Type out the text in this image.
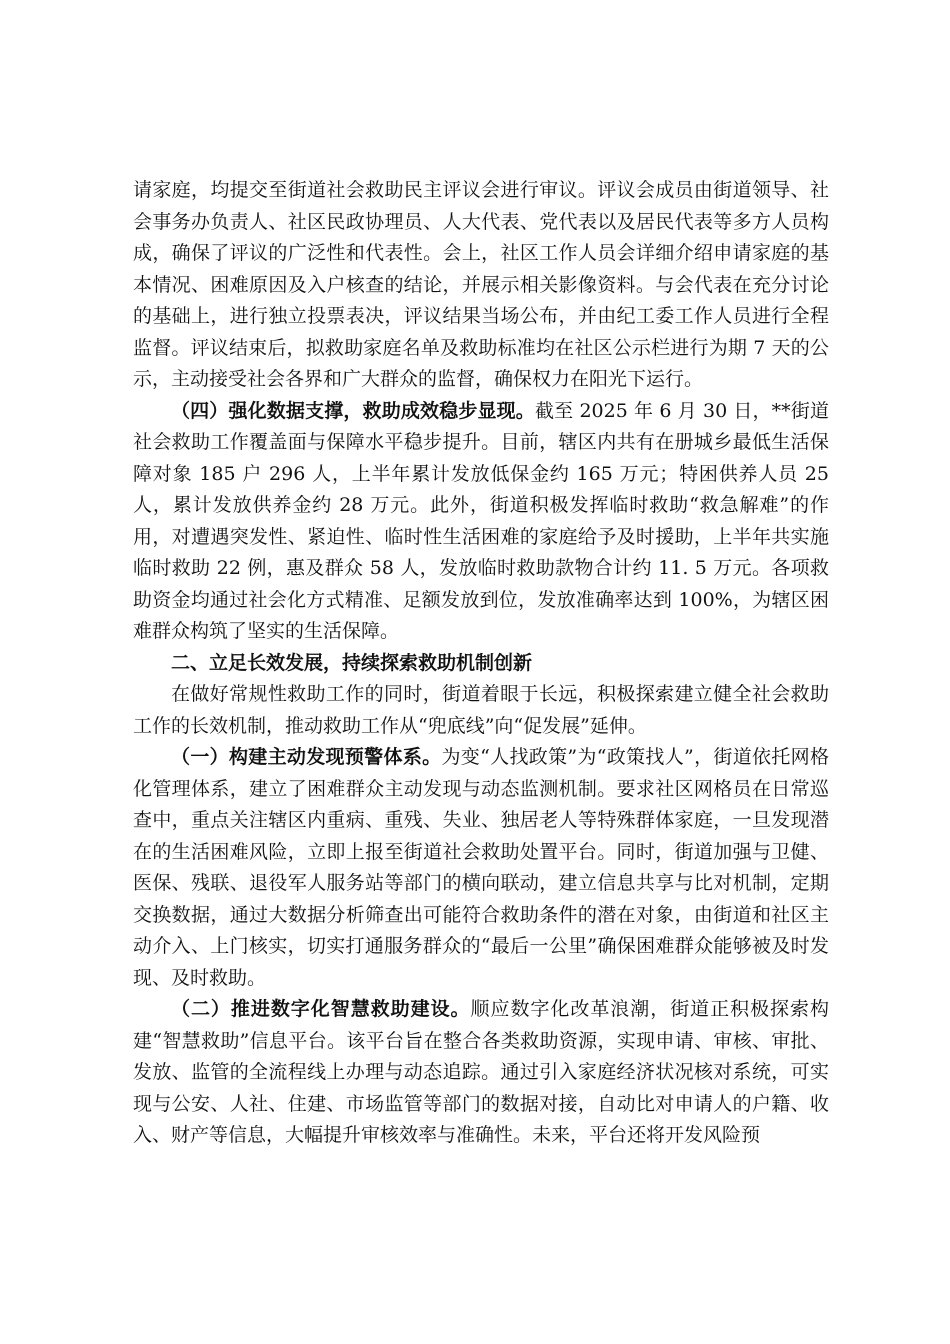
请家庭，均提交至街道社会救助民主评议会进行审议。评议会成员由街道领导、社会事务办负责人、社区民政协理员、人大代表、党代表以及居民代表等多方人员构成，确保了评议的广泛性和代表性。会上，社区工作人员会详细介绍申请家庭的基本情况、困难原因及入户核查的结论，并展示相关影像资料。与会代表在充分讨论的基础上，进行独立投票表决，评议结果当场公布，并由纪工委工作人员进行全程监督。评议结束后，拟救助家庭名单及救助标准均在社区公示栏进行为期 7 天的公示，主动接受社会各界和广大群众的监督，确保权力在阳光下运行。

（四）强化数据支撑，救助成效稳步显现。截至 2025 年 6 月 30 日，**街道社会救助工作覆盖面与保障水平稳步提升。目前，辖区内共有在册城乡最低生活保障对象 185 户 296 人，上半年累计发放低保金约 165 万元；特困供养人员 25 人，累计发放供养金约 28 万元。此外，街道积极发挥临时救助“救急解难”的作用，对遭遇突发性、紧迫性、临时性生活困难的家庭给予及时援助，上半年共实施临时救助 22 例，惠及群众 58 人，发放临时救助款物合计约 11. 5 万元。各项救助资金均通过社会化方式精准、足额发放到位，发放准确率达到 100%，为辖区困难群众构筑了坚实的生活保障。

二、立足长效发展，持续探索救助机制创新

在做好常规性救助工作的同时，街道着眼于长远，积极探索建立健全社会救助工作的长效机制，推动救助工作从“兜底线”向“促发展”延伸。

（一）构建主动发现预警体系。为变“人找政策”为“政策找人”，街道依托网格化管理体系，建立了困难群众主动发现与动态监测机制。要求社区网格员在日常巡查中，重点关注辖区内重病、重残、失业、独居老人等特殊群体家庭，一旦发现潜在的生活困难风险，立即上报至街道社会救助处置平台。同时，街道加强与卫健、医保、残联、退役军人服务站等部门的横向联动，建立信息共享与比对机制，定期交换数据，通过大数据分析筛查出可能符合救助条件的潜在对象，由街道和社区主动介入、上门核实，切实打通服务群众的“最后一公里”确保困难群众能够被及时发现、及时救助。

（二）推进数字化智慧救助建设。顺应数字化改革浪潮，街道正积极探索构建“智慧救助”信息平台。该平台旨在整合各类救助资源，实现申请、审核、审批、发放、监管的全流程线上办理与动态追踪。通过引入家庭经济状况核对系统，可实现与公安、人社、住建、市场监管等部门的数据对接，自动比对申请人的户籍、收入、财产等信息，大幅提升审核效率与准确性。未来，平台还将开发风险预
